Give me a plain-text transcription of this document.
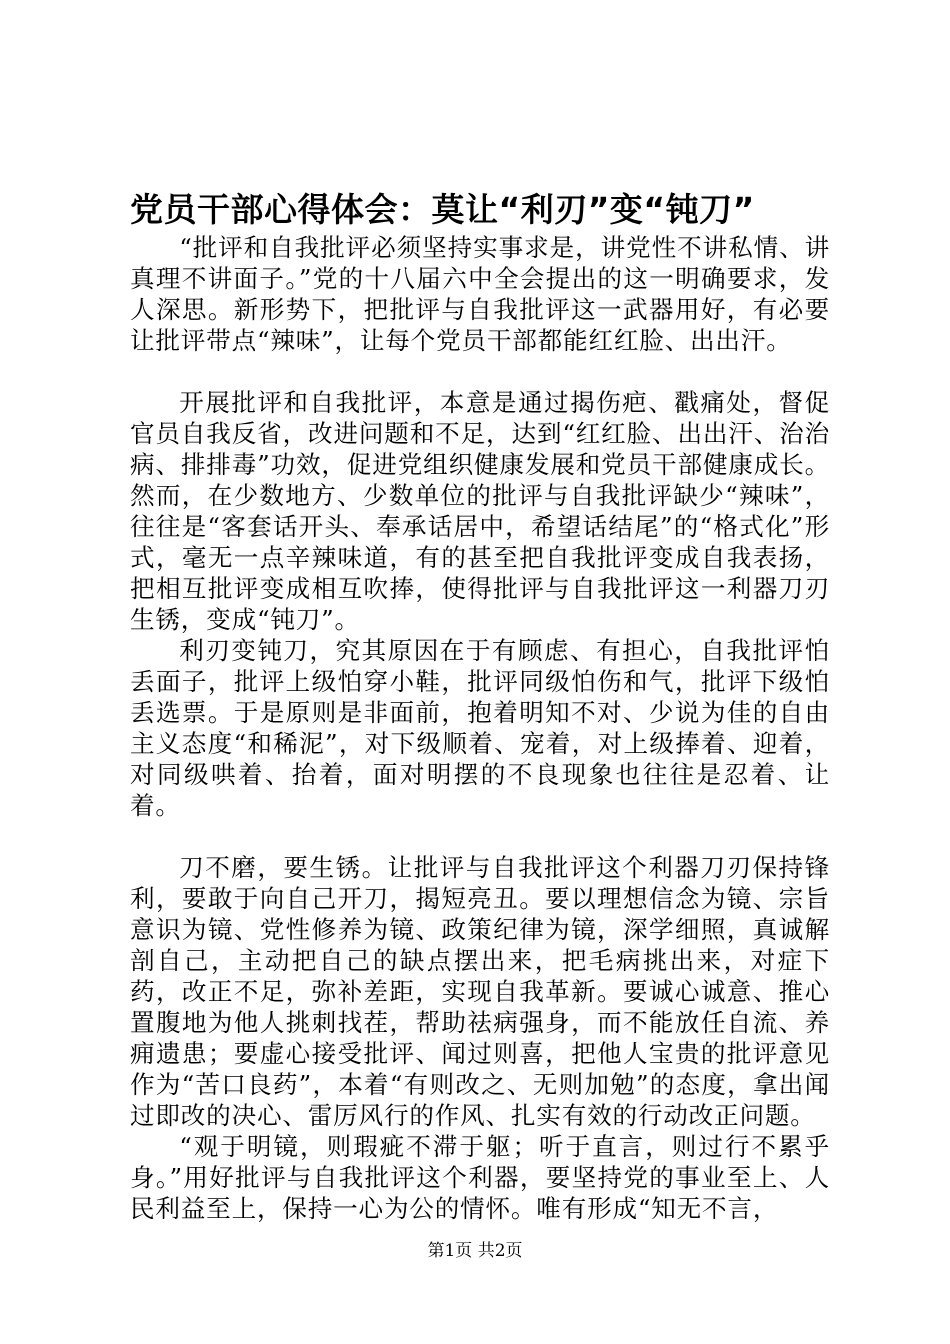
党员干部心得体会：莫让“利刃”变“钝刀”

“批评和自我批评必须坚持实事求是，讲党性不讲私情、讲真理不讲面子。”党的十八届六中全会提出的这一明确要求，发人深思。新形势下，把批评与自我批评这一武器用好，有必要让批评带点“辣味”，让每个党员干部都能红红脸、出出汗。

开展批评和自我批评，本意是通过揭伤疤、戳痛处，督促官员自我反省，改进问题和不足，达到“红红脸、出出汗、治治病、排排毒”功效，促进党组织健康发展和党员干部健康成长。然而，在少数地方、少数单位的批评与自我批评缺少“辣味”，往往是“客套话开头、奉承话居中，希望话结尾”的“格式化”形式，毫无一点辛辣味道，有的甚至把自我批评变成自我表扬，把相互批评变成相互吹捧，使得批评与自我批评这一利器刀刃生锈，变成“钝刀”。

利刃变钝刀，究其原因在于有顾虑、有担心，自我批评怕丢面子，批评上级怕穿小鞋，批评同级怕伤和气，批评下级怕丢选票。于是原则是非面前，抱着明知不对、少说为佳的自由主义态度“和稀泥”，对下级顺着、宠着，对上级捧着、迎着，对同级哄着、抬着，面对明摆的不良现象也往往是忍着、让着。

刀不磨，要生锈。让批评与自我批评这个利器刀刃保持锋利，要敢于向自己开刀，揭短亮丑。要以理想信念为镜、宗旨意识为镜、党性修养为镜、政策纪律为镜，深学细照，真诚解剖自己，主动把自己的缺点摆出来，把毛病挑出来，对症下药，改正不足，弥补差距，实现自我革新。要诚心诚意、推心置腹地为他人挑刺找茬，帮助祛病强身，而不能放任自流、养痈遗患；要虚心接受批评、闻过则喜，把他人宝贵的批评意见作为“苦口良药”，本着“有则改之、无则加勉”的态度，拿出闻过即改的决心、雷厉风行的作风、扎实有效的行动改正问题。

“观于明镜，则瑕疵不滞于躯；听于直言，则过行不累乎身。”用好批评与自我批评这个利器，要坚持党的事业至上、人民利益至上，保持一心为公的情怀。唯有形成“知无不言，

第1页 共2页
